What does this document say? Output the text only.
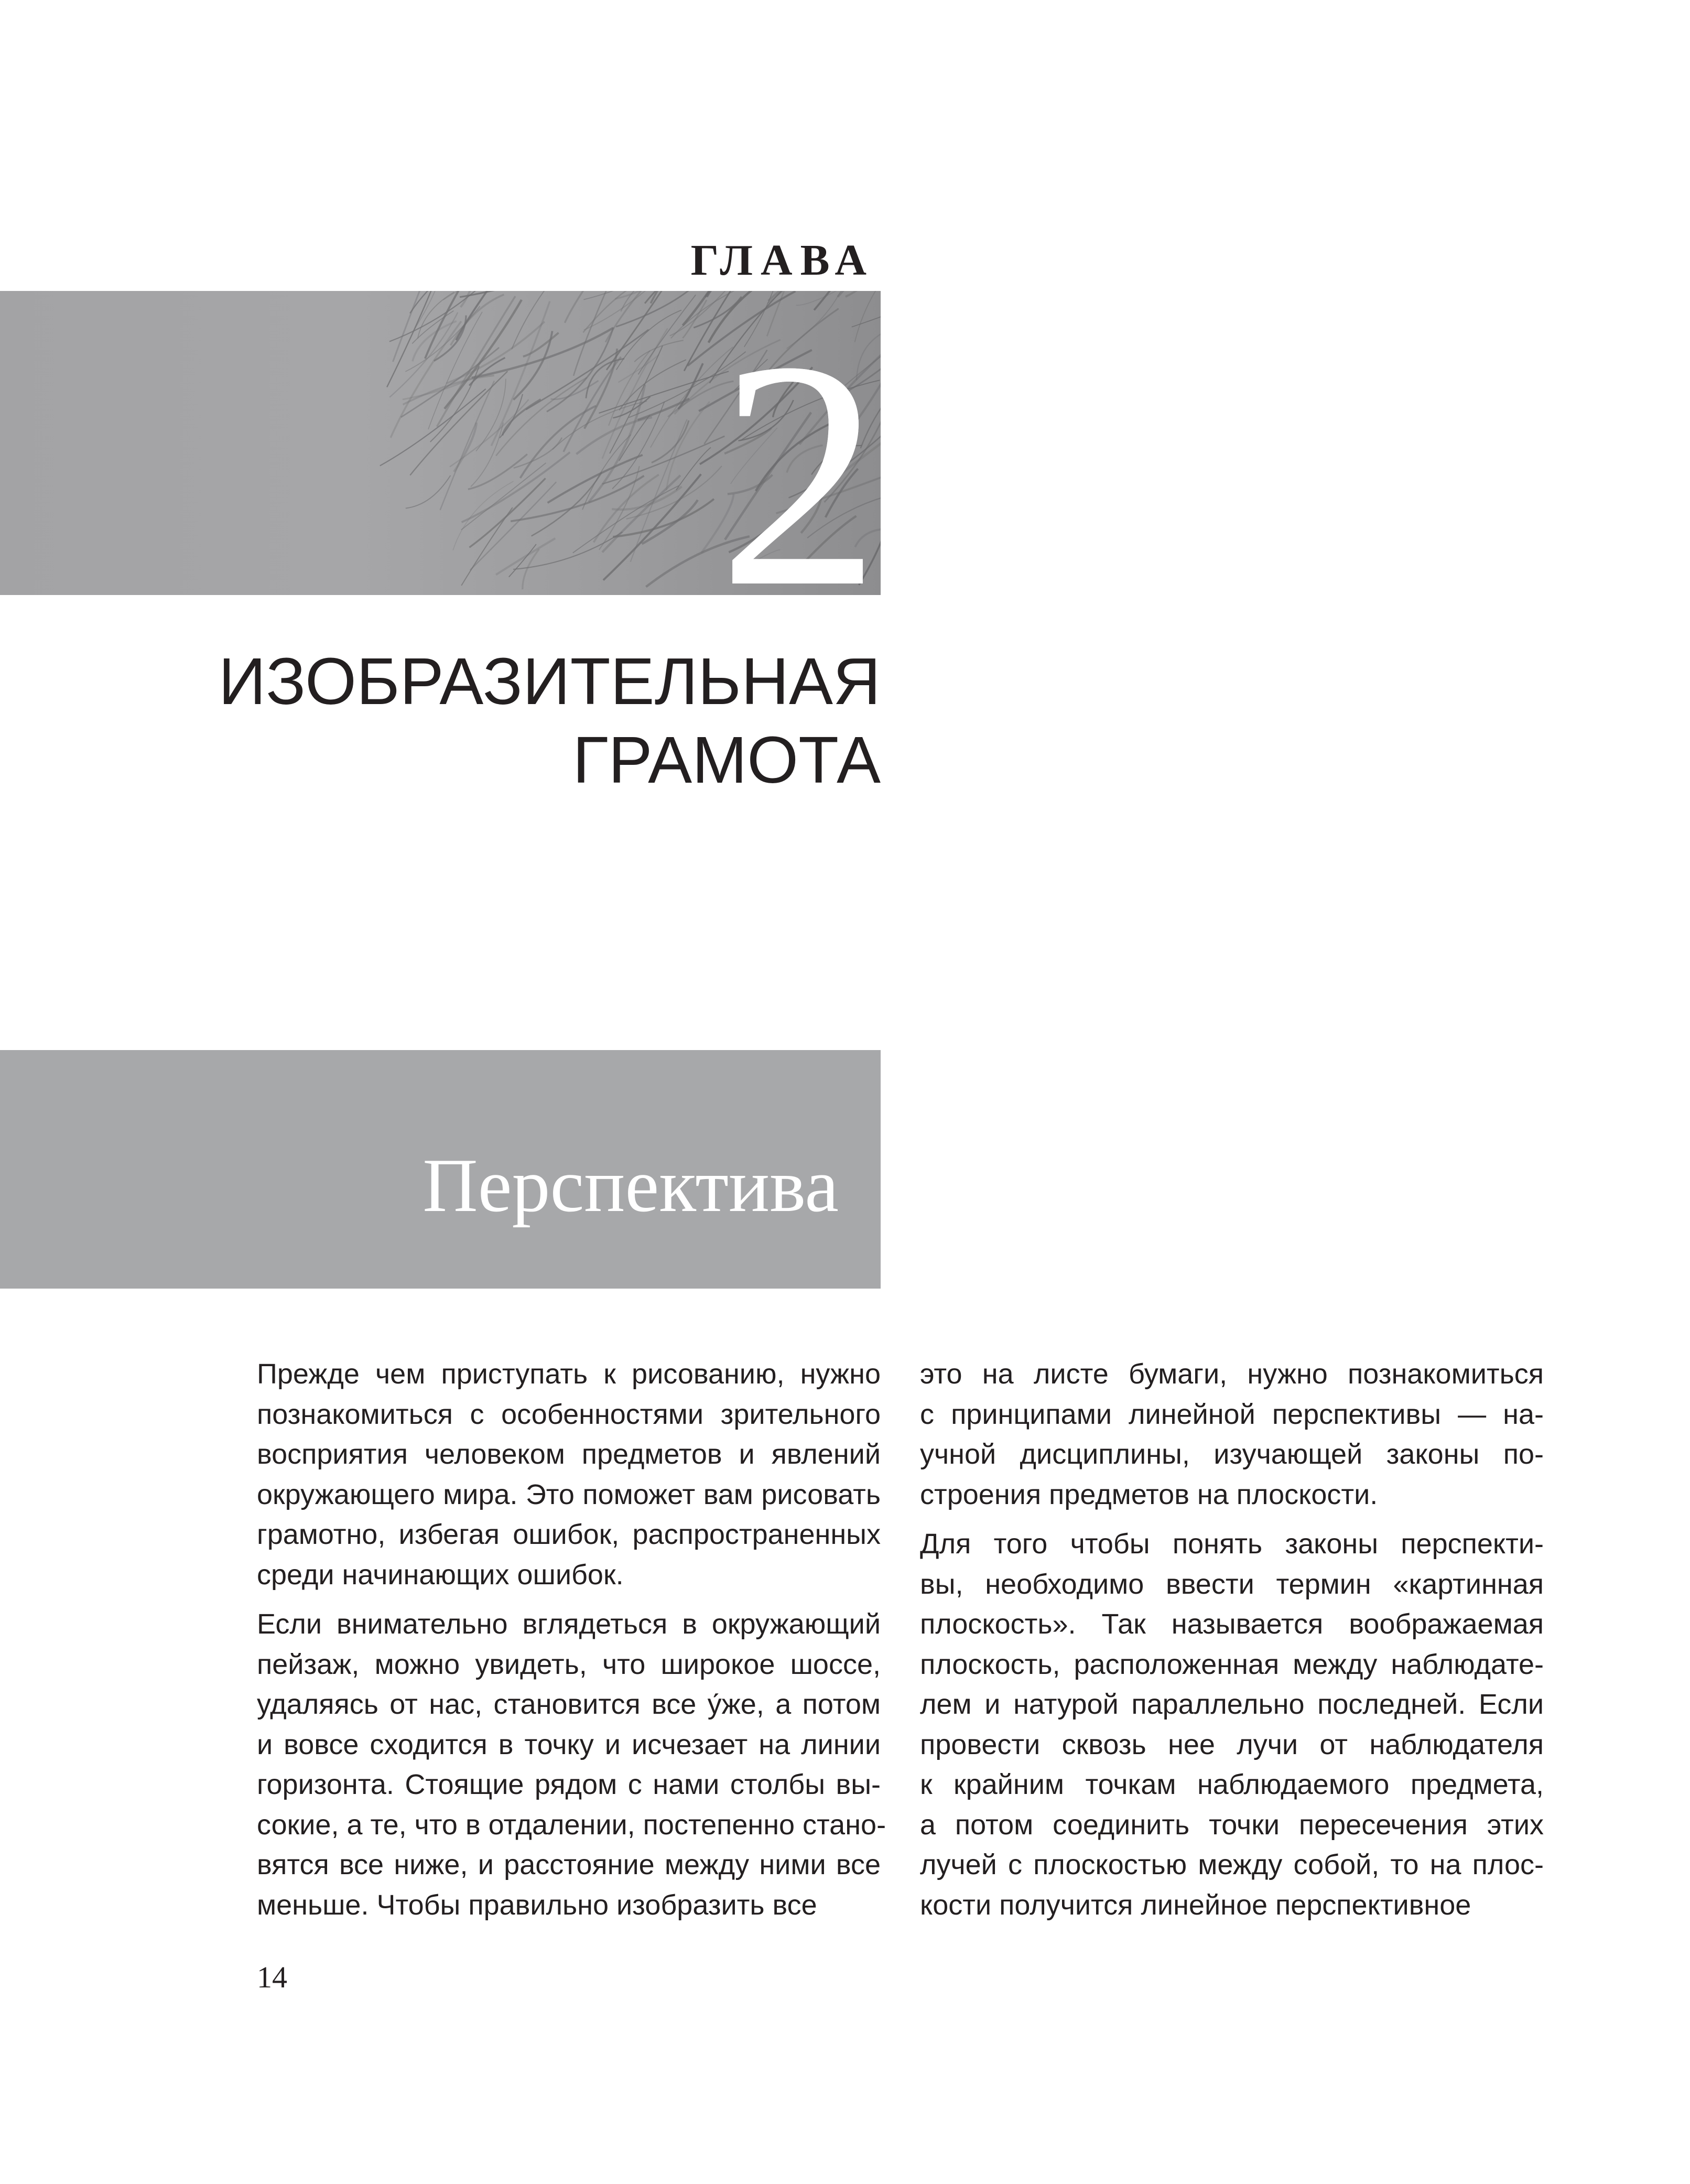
ГЛАВА
2
ИЗОБРАЗИТЕЛЬНАЯ
ГРАМОТА
Перспектива

Прежде чем приступать к рисованию, нужно
познакомиться с особенностями зрительного
восприятия человеком предметов и явлений
окружающего мира. Это поможет вам рисовать
грамотно, избегая ошибок, распространенных
среди начинающих ошибок.

Если внимательно вглядеться в окружающий
пейзаж, можно увидеть, что широкое шоссе,
удаляясь от нас, становится все у́же, а потом
и вовсе сходится в точку и исчезает на линии
горизонта. Стоящие рядом с нами столбы вы-
сокие, а те, что в отдалении, постепенно стано-
вятся все ниже, и расстояние между ними все
меньше. Чтобы правильно изобразить все

это на листе бумаги, нужно познакомиться
с принципами линейной перспективы — на-
учной дисциплины, изучающей законы по-
строения предметов на плоскости.

Для того чтобы понять законы перспекти-
вы, необходимо ввести термин «картинная
плоскость». Так называется воображаемая
плоскость, расположенная между наблюдате-
лем и натурой параллельно последней. Если
провести сквозь нее лучи от наблюдателя
к крайним точкам наблюдаемого предмета,
а потом соединить точки пересечения этих
лучей с плоскостью между собой, то на плос-
кости получится линейное перспективное

14
